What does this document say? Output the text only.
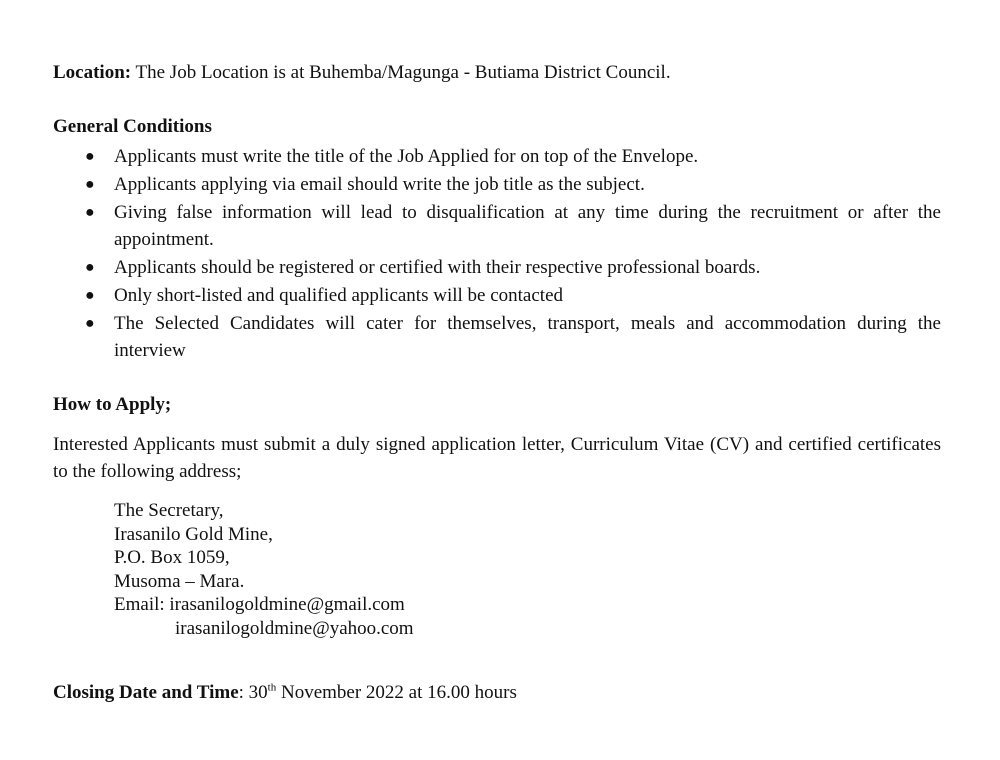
Location: The Job Location is at Buhemba/Magunga - Butiama District Council.
General Conditions
● Applicants must write the title of the Job Applied for on top of the Envelope.
● Applicants applying via email should write the job title as the subject.
● Giving false information will lead to disqualification at any time during the recruitment or after the appointment.
● Applicants should be registered or certified with their respective professional boards.
● Only short-listed and qualified applicants will be contacted
● The Selected Candidates will cater for themselves, transport, meals and accommodation during the interview
How to Apply;
Interested Applicants must submit a duly signed application letter, Curriculum Vitae (CV) and certified certificates to the following address;
The Secretary,
Irasanilo Gold Mine,
P.O. Box 1059,
Musoma – Mara.
Email: irasanilogoldmine@gmail.com
irasanilogoldmine@yahoo.com
Closing Date and Time: 30th November 2022 at 16.00 hours
